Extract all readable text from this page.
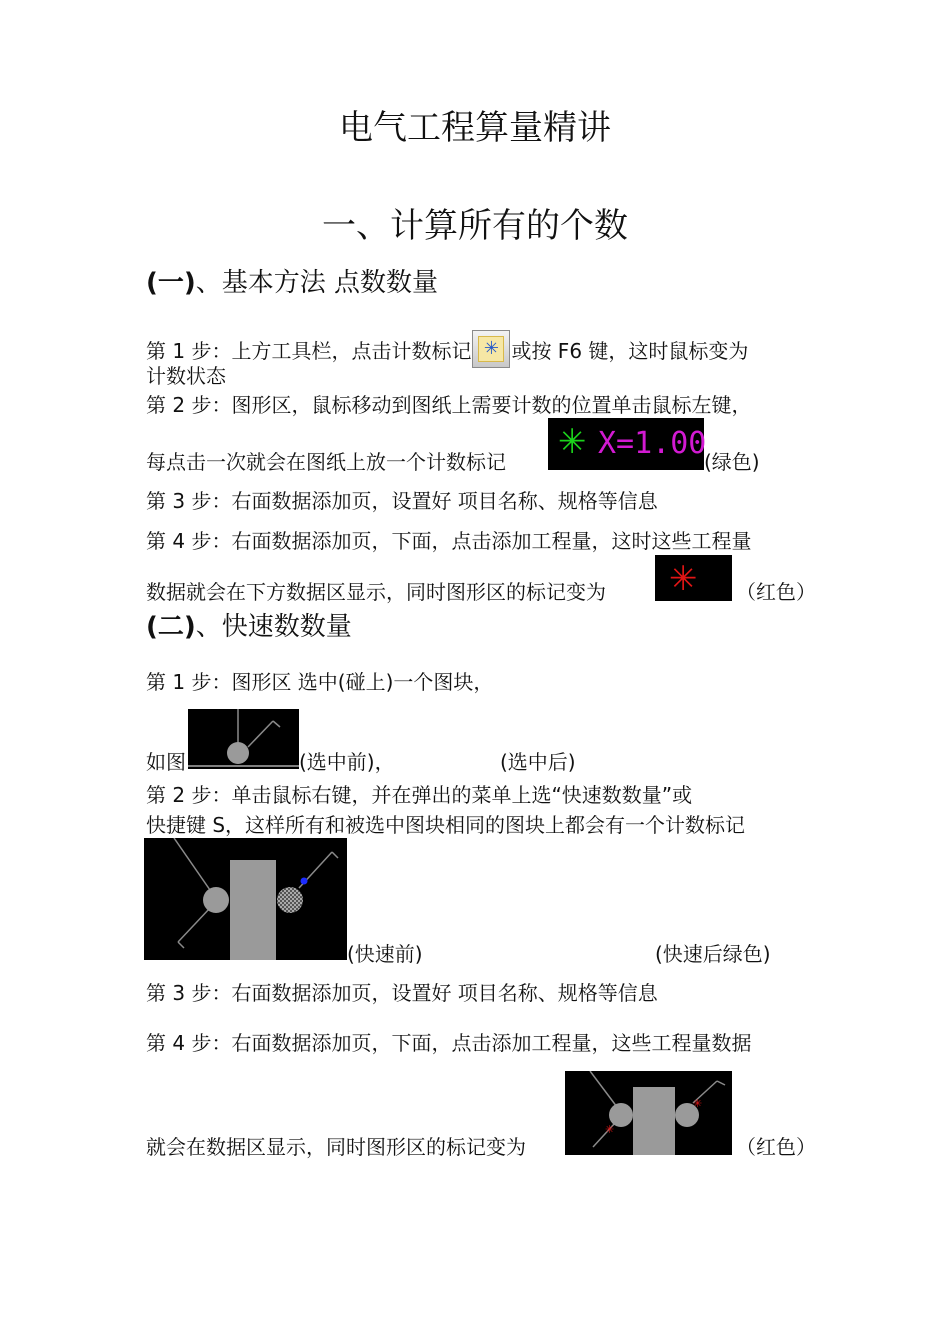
电气工程算量精讲
一、计算所有的个数
(一)、基本方法 点数数量
第 1 步：上方工具栏，点击计数标记 ✳ 或按 F6 键，这时鼠标变为
计数状态
第 2 步：图形区，鼠标移动到图纸上需要计数的位置单击鼠标左键，
每点击一次就会在图纸上放一个计数标记 ✳ X=1.00
(绿色)
第 3 步：右面数据添加页，设置好 项目名称、规格等信息
第 4 步：右面数据添加页，下面，点击添加工程量，这时这些工程量
数据就会在下方数据区显示，同时图形区的标记变为 ✳ （红色）
(二)、快速数数量
第 1 步：图形区 选中(碰上)一个图块，
如图	(选中前)，	(选中后)
第 2 步：单击鼠标右键，并在弹出的菜单上选“快速数数量”或
快捷键 S，这样所有和被选中图块相同的图块上都会有一个计数标记
(快速前)	(快速后绿色)
第 3 步：右面数据添加页，设置好 项目名称、规格等信息
第 4 步：右面数据添加页，下面，点击添加工程量，这些工程量数据
就会在数据区显示，同时图形区的标记变为
✳
✳
（红色）
